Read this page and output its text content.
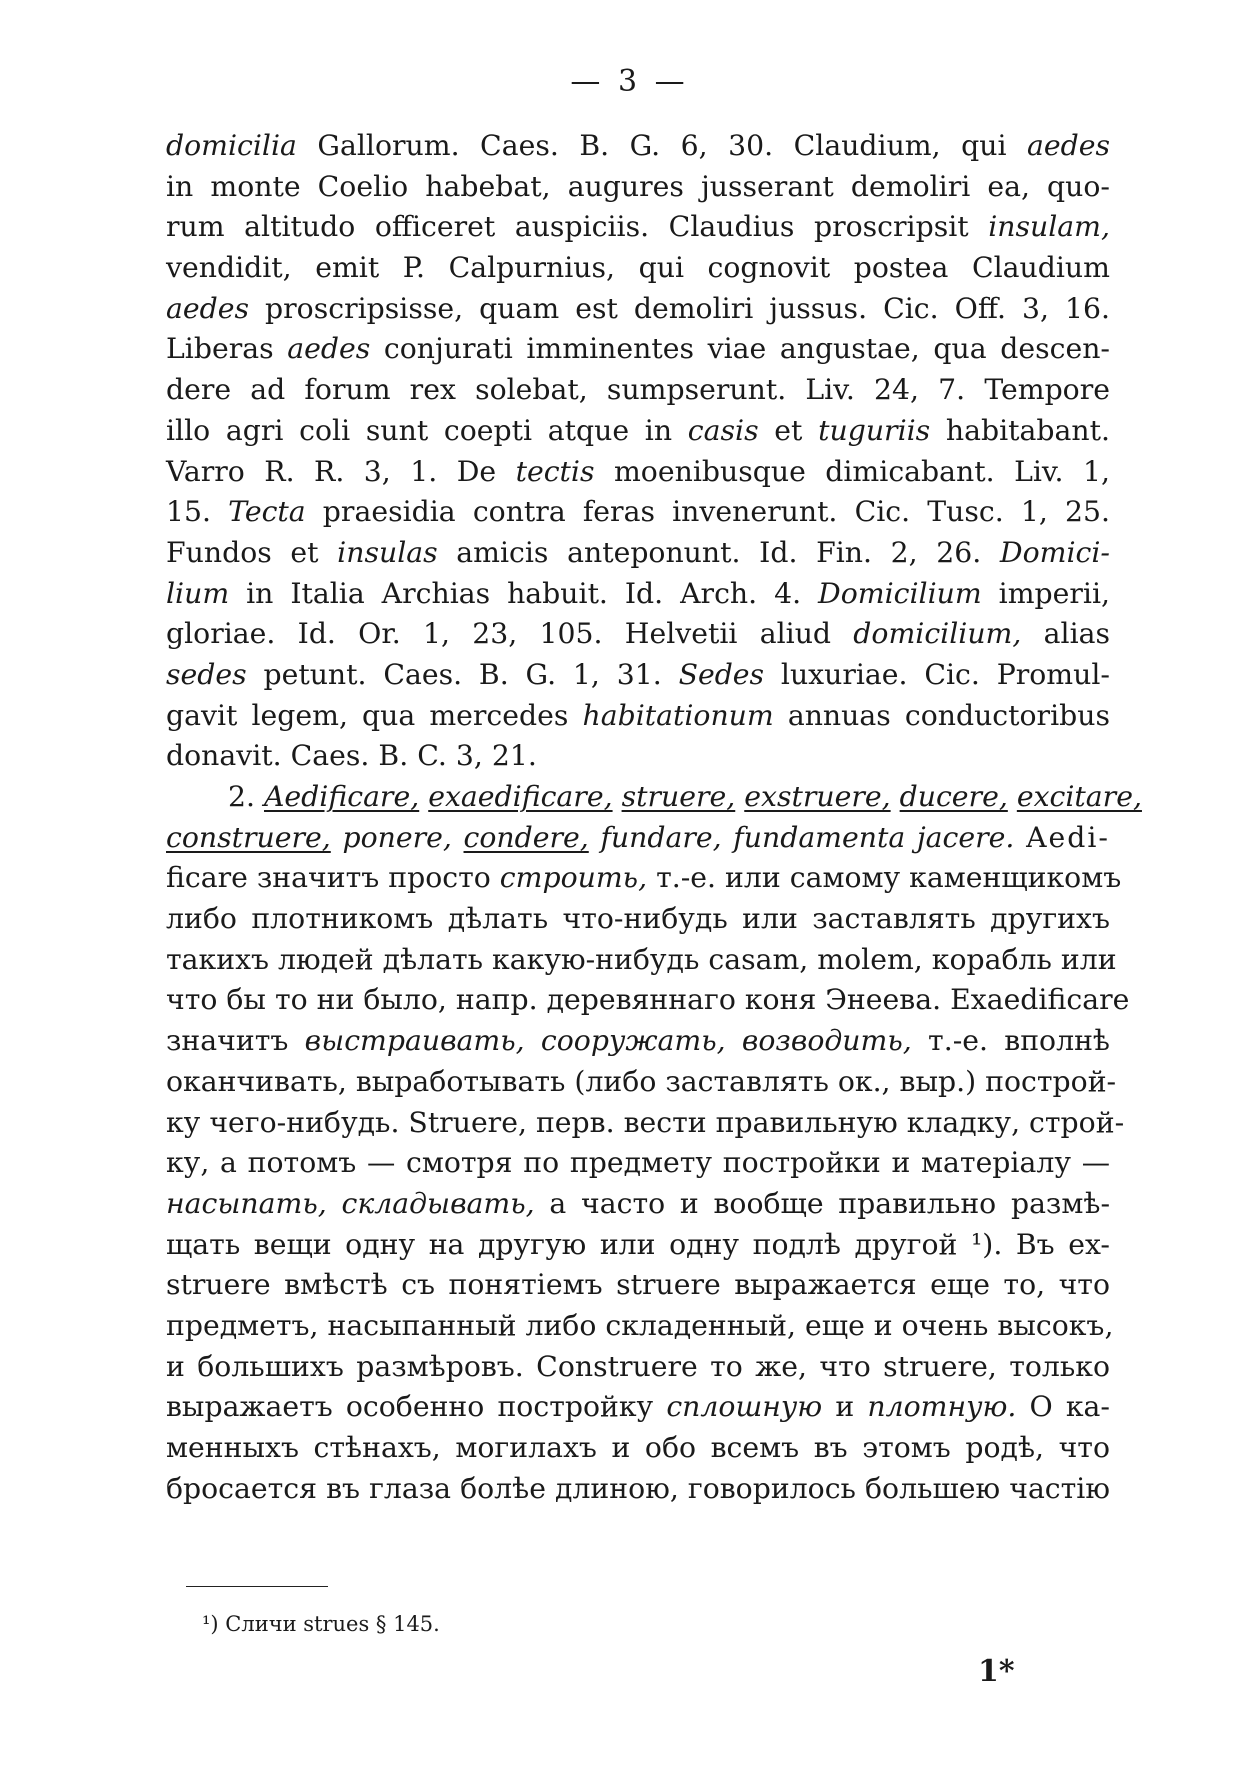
— 3 —
domicilia Gallorum. Caes. B. G. 6, 30. Claudium, qui aedes
in monte Coelio habebat, augures jusserant demoliri ea, quo-
rum altitudo officeret auspiciis. Claudius proscripsit insulam,
vendidit, emit P. Calpurnius, qui cognovit postea Claudium
aedes proscripsisse, quam est demoliri jussus. Cic. Off. 3, 16.
Liberas aedes conjurati imminentes viae angustae, qua descen-
dere ad forum rex solebat, sumpserunt. Liv. 24, 7. Tempore
illo agri coli sunt coepti atque in casis et tuguriis habitabant.
Varro R. R. 3, 1. De tectis moenibusque dimicabant. Liv. 1,
15. Tecta praesidia contra feras invenerunt. Cic. Tusc. 1, 25.
Fundos et insulas amicis anteponunt. Id. Fin. 2, 26. Domici-
lium in Italia Archias habuit. Id. Arch. 4. Domicilium imperii,
gloriae. Id. Or. 1, 23, 105. Helvetii aliud domicilium, alias
sedes petunt. Caes. B. G. 1, 31. Sedes luxuriae. Cic. Promul-
gavit legem, qua mercedes habitationum annuas conductoribus
donavit. Caes. B. C. 3, 21.
2. Aedificare, exaedificare, struere, exstruere, ducere, excitare,
construere, ponere, condere, fundare, fundamenta jacere. Aedi-
ficare значитъ просто строить, т.-е. или самому каменщикомъ
либо плотникомъ дѣлать что-нибудь или заставлять другихъ
такихъ людей дѣлать какую-нибудь casam, molem, корабль или
что бы то ни было, напр. деревяннаго коня Энеева. Exaedificare
значитъ выстраивать, сооружать, возводить, т.-е. вполнѣ
оканчивать, выработывать (либо заставлять ок., выр.) построй-
ку чего-нибудь. Struere, перв. вести правильную кладку, строй-
ку, а потомъ — смотря по предмету постройки и матеріалу —
насыпать, складывать, а часто и вообще правильно размѣ-
щать вещи одну на другую или одну подлѣ другой ¹). Въ ex-
struere вмѣстѣ съ понятіемъ struere выражается еще то, что
предметъ, насыпанный либо складенный, еще и очень высокъ,
и большихъ размѣровъ. Construere то же, что struere, только
выражаетъ особенно постройку сплошную и плотную. О ка-
менныхъ стѣнахъ, могилахъ и обо всемъ въ этомъ родѣ, что
бросается въ глаза болѣе длиною, говорилось большею частію
¹) Сличи strues § 145.
1*
